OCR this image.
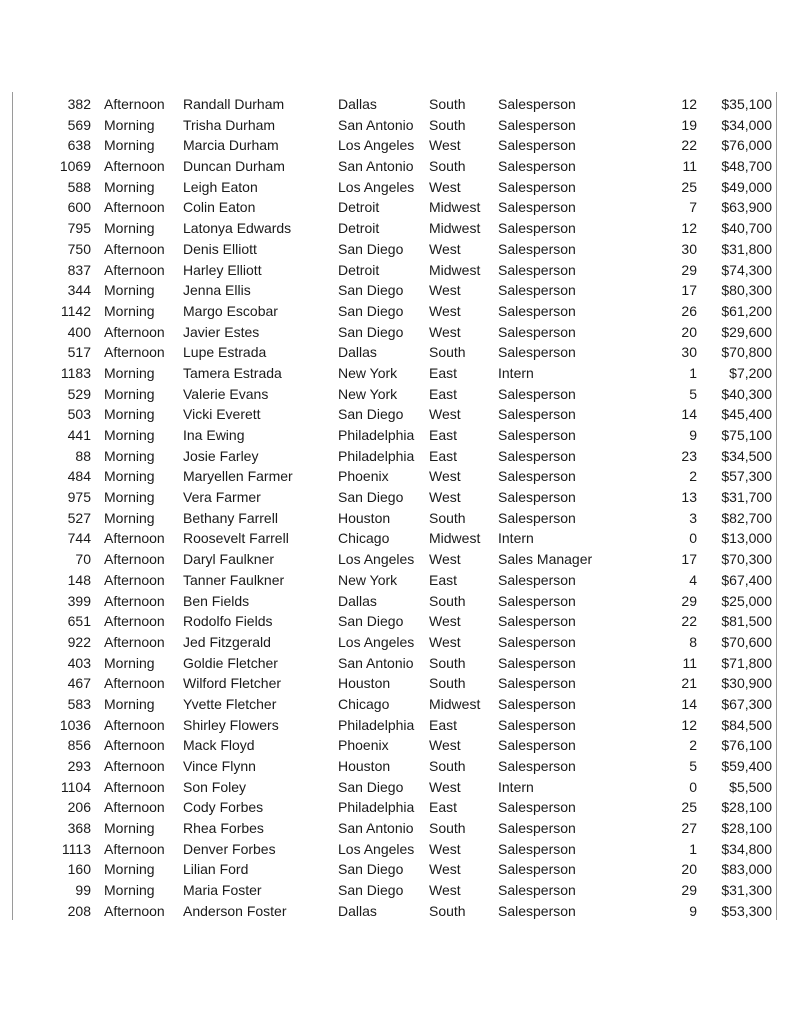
382 Afternoon Randall Durham	Dallas	South Salesperson	12 $35,100
569 Morning Trisha Durham	San Antonio South Salesperson	19 $34,000
638 Morning Marcia Durham	Los Angeles West	Salesperson	22 $76,000
1069 Afternoon Duncan Durham	San Antonio South Salesperson	11 $48,700
588 Morning Leigh Eaton	Los Angeles West	Salesperson	25 $49,000
600 Afternoon Colin Eaton	Detroit	Midwest Salesperson	7 $63,900
795 Morning Latonya Edwards	Detroit	Midwest Salesperson	12 $40,700
750 Afternoon Denis Elliott	San Diego West	Salesperson	30 $31,800
837 Afternoon Harley Elliott	Detroit	Midwest Salesperson	29 $74,300
344 Morning Jenna Ellis	San Diego West	Salesperson	17 $80,300
1142 Morning Margo Escobar	San Diego West	Salesperson	26 $61,200
400 Afternoon Javier Estes	San Diego West	Salesperson	20 $29,600
517 Afternoon Lupe Estrada	Dallas	South Salesperson	30 $70,800
1183 Morning Tamera Estrada	New York East	Intern	1 $7,200
529 Morning Valerie Evans	New York East	Salesperson	5 $40,300
503 Morning Vicki Everett	San Diego West	Salesperson	14 $45,400
441 Morning Ina Ewing	Philadelphia East	Salesperson	9 $75,100
88 Morning Josie Farley	Philadelphia East	Salesperson	23 $34,500
484 Morning Maryellen Farmer	Phoenix	West	Salesperson	2 $57,300
975 Morning Vera Farmer	San Diego West	Salesperson	13 $31,700
527 Morning Bethany Farrell	Houston	South Salesperson	3 $82,700
744 Afternoon Roosevelt Farrell	Chicago	Midwest Intern	0 $13,000
70 Afternoon Daryl Faulkner	Los Angeles West	Sales Manager	17 $70,300
148 Afternoon Tanner Faulkner	New York East	Salesperson	4 $67,400
399 Afternoon Ben Fields	Dallas	South Salesperson	29 $25,000
651 Afternoon Rodolfo Fields	San Diego West	Salesperson	22 $81,500
922 Afternoon Jed Fitzgerald	Los Angeles West	Salesperson	8 $70,600
403 Morning Goldie Fletcher	San Antonio South Salesperson	11 $71,800
467 Afternoon Wilford Fletcher	Houston	South Salesperson	21 $30,900
583 Morning Yvette Fletcher	Chicago	Midwest Salesperson	14 $67,300
1036 Afternoon Shirley Flowers	Philadelphia East	Salesperson	12 $84,500
856 Afternoon Mack Floyd	Phoenix	West	Salesperson	2 $76,100
293 Afternoon Vince Flynn	Houston	South Salesperson	5 $59,400
1104 Afternoon Son Foley	San Diego West	Intern	0 $5,500
206 Afternoon Cody Forbes	Philadelphia East	Salesperson	25 $28,100
368 Morning Rhea Forbes	San Antonio South Salesperson	27 $28,100
1113 Afternoon Denver Forbes	Los Angeles West	Salesperson	1 $34,800
160 Morning Lilian Ford	San Diego West	Salesperson	20 $83,000
99 Morning Maria Foster	San Diego West	Salesperson	29 $31,300
208 Afternoon Anderson Foster	Dallas	South Salesperson	9 $53,300
